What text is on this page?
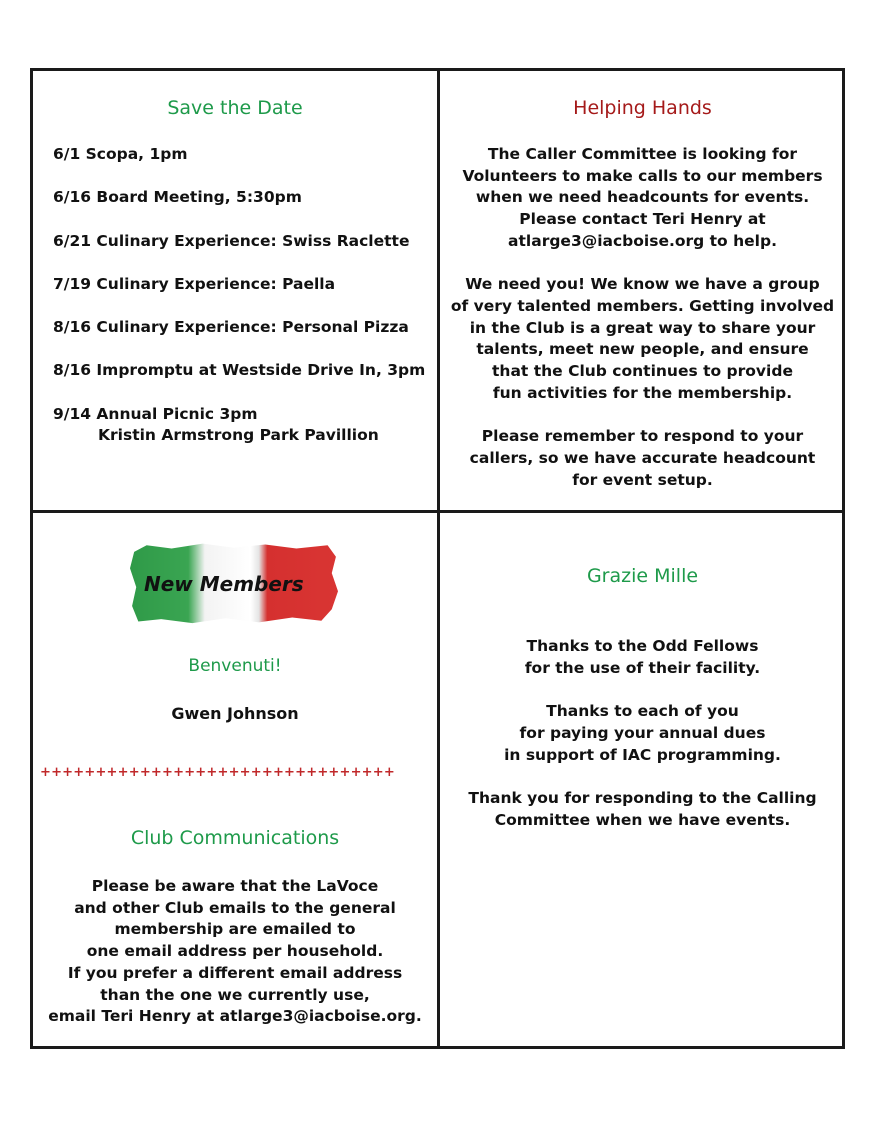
Save the Date
6/1 Scopa, 1pm
6/16 Board Meeting, 5:30pm
6/21 Culinary Experience: Swiss Raclette
7/19 Culinary Experience: Paella
8/16 Culinary Experience: Personal Pizza
8/16 Impromptu at Westside Drive In, 3pm
9/14 Annual Picnic 3pm
Kristin Armstrong Park Pavillion
Helping Hands
The Caller Committee is looking for
Volunteers to make calls to our members
when we need headcounts for events.
Please contact Teri Henry at
atlarge3@iacboise.org to help.

We need you! We know we have a group
of very talented members. Getting involved
in the Club is a great way to share your
talents, meet new people, and ensure
that the Club continues to provide
fun activities for the membership.

Please remember to respond to your
callers, so we have accurate headcount
for event setup.
New Members
Benvenuti!
Gwen Johnson
++++++++++++++++++++++++++++++++
Club Communications
Please be aware that the LaVoce
and other Club emails to the general
membership are emailed to
one email address per household.
If you prefer a different email address
than the one we currently use,
email Teri Henry at atlarge3@iacboise.org.
Grazie Mille
Thanks to the Odd Fellows
for the use of their facility.

Thanks to each of you
for paying your annual dues
in support of IAC programming.

Thank you for responding to the Calling
Committee when we have events.
